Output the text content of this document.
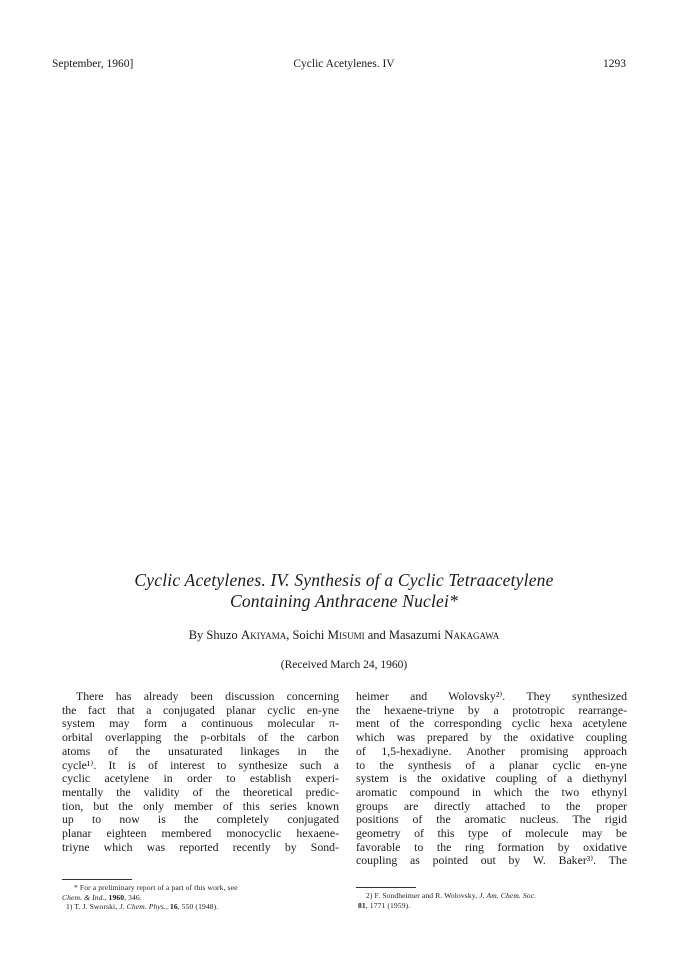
September, 1960]	Cyclic Acetylenes. IV	1293
Cyclic Acetylenes. IV. Synthesis of a Cyclic Tetraacetylene
Containing Anthracene Nuclei*
By Shuzo Akiyama, Soichi Misumi and Masazumi Nakagawa
(Received March 24, 1960)
There has already been discussion concerning
the fact that a conjugated planar cyclic en-yne
system may form a continuous molecular π-
orbital overlapping the p-orbitals of the carbon
atoms of the unsaturated linkages in the
cycle¹⁾. It is of interest to synthesize such a
cyclic acetylene in order to establish experi-
mentally the validity of the theoretical predic-
tion, but the only member of this series known
up to now is the completely conjugated
planar eighteen membered monocyclic hexaene-
triyne which was reported recently by Sond-
heimer and Wolovsky²⁾. They synthesized
the hexaene-triyne by a prototropic rearrange-
ment of the corresponding cyclic hexa acetylene
which was prepared by the oxidative coupling
of 1,5-hexadiyne. Another promising approach
to the synthesis of a planar cyclic en-yne
system is the oxidative coupling of a diethynyl
aromatic compound in which the two ethynyl
groups are directly attached to the proper
positions of the aromatic nucleus. The rigid
geometry of this type of molecule may be
favorable to the ring formation by oxidative
coupling as pointed out by W. Baker³⁾. The
* For a preliminary report of a part of this work, see
Chem. & Ind., 1960, 346.
1) T. J. Sworski, J. Chem. Phys., 16, 550 (1948).
2) F. Sondheimer and R. Wolovsky, J. Am. Chem. Soc.
81, 1771 (1959).
